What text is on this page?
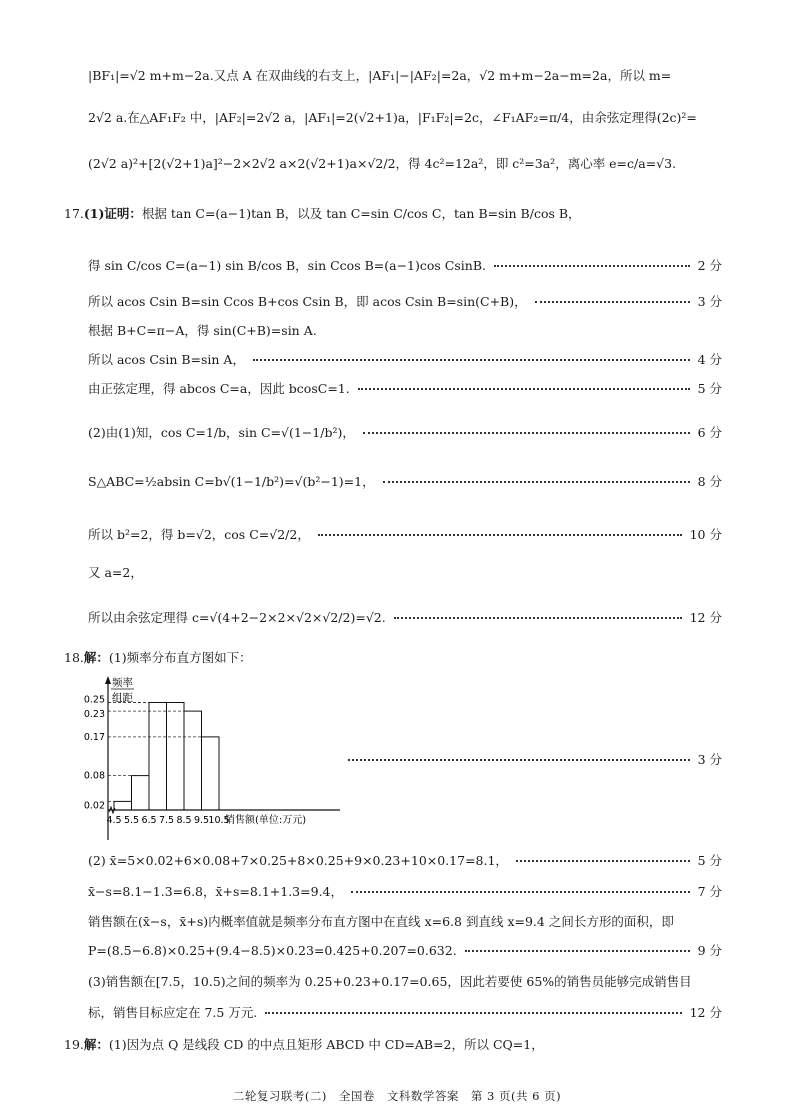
|BF₁|=√2 m+m−2a.又点 A 在双曲线的右支上，|AF₁|−|AF₂|=2a，√2 m+m−2a−m=2a，所以 m=
2√2 a.在△AF₁F₂ 中，|AF₂|=2√2 a，|AF₁|=2(√2+1)a，|F₁F₂|=2c，∠F₁AF₂=π/4，由余弦定理得(2c)²=
(2√2 a)²+[2(√2+1)a]²−2×2√2 a×2(√2+1)a×√2/2，得 4c²=12a²，即 c²=3a²，离心率 e=c/a=√3.
17.(1)证明：根据 tan C=(a−1)tan B，以及 tan C=sin C/cos C，tan B=sin B/cos B，
得 sin C/cos C=(a−1) sin B/cos B，sin Ccos B=(a−1)cos CsinB.	2 分
所以 acos Csin B=sin Ccos B+cos Csin B，即 acos Csin B=sin(C+B)，	3 分
根据 B+C=π−A，得 sin(C+B)=sin A.
所以 acos Csin B=sin A，	4 分
由正弦定理，得 abcos C=a，因此 bcosC=1.	5 分
(2)由(1)知，cos C=1/b，sin C=√(1−1/b²)，	6 分
S△ABC=½absin C=b√(1−1/b²)=√(b²−1)=1，	8 分
所以 b²=2，得 b=√2，cos C=√2/2，	10 分
又 a=2，
所以由余弦定理得 c=√(4+2−2×2×√2×√2/2)=√2.	12 分
18.解：(1)频率分布直方图如下：
0.02
0.08
0.17
0.23
0.25
4.5 5.5 6.5 7.5 8.5 9.5 10.5
频率
组距
销售额(单位:万元)
3 分
(2) x̄=5×0.02+6×0.08+7×0.25+8×0.25+9×0.23+10×0.17=8.1，	5 分
x̄−s=8.1−1.3=6.8，x̄+s=8.1+1.3=9.4，	7 分
销售额在(x̄−s，x̄+s)内概率值就是频率分布直方图中在直线 x=6.8 到直线 x=9.4 之间长方形的面积，即
P=(8.5−6.8)×0.25+(9.4−8.5)×0.23=0.425+0.207=0.632.	9 分
(3)销售额在[7.5，10.5)之间的频率为 0.25+0.23+0.17=0.65，因此若要使 65%的销售员能够完成销售目
标，销售目标应定在 7.5 万元.	12 分
19.解：(1)因为点 Q 是线段 CD 的中点且矩形 ABCD 中 CD=AB=2，所以 CQ=1，
二轮复习联考(二)　全国卷　文科数学答案　第 3 页(共 6 页)
